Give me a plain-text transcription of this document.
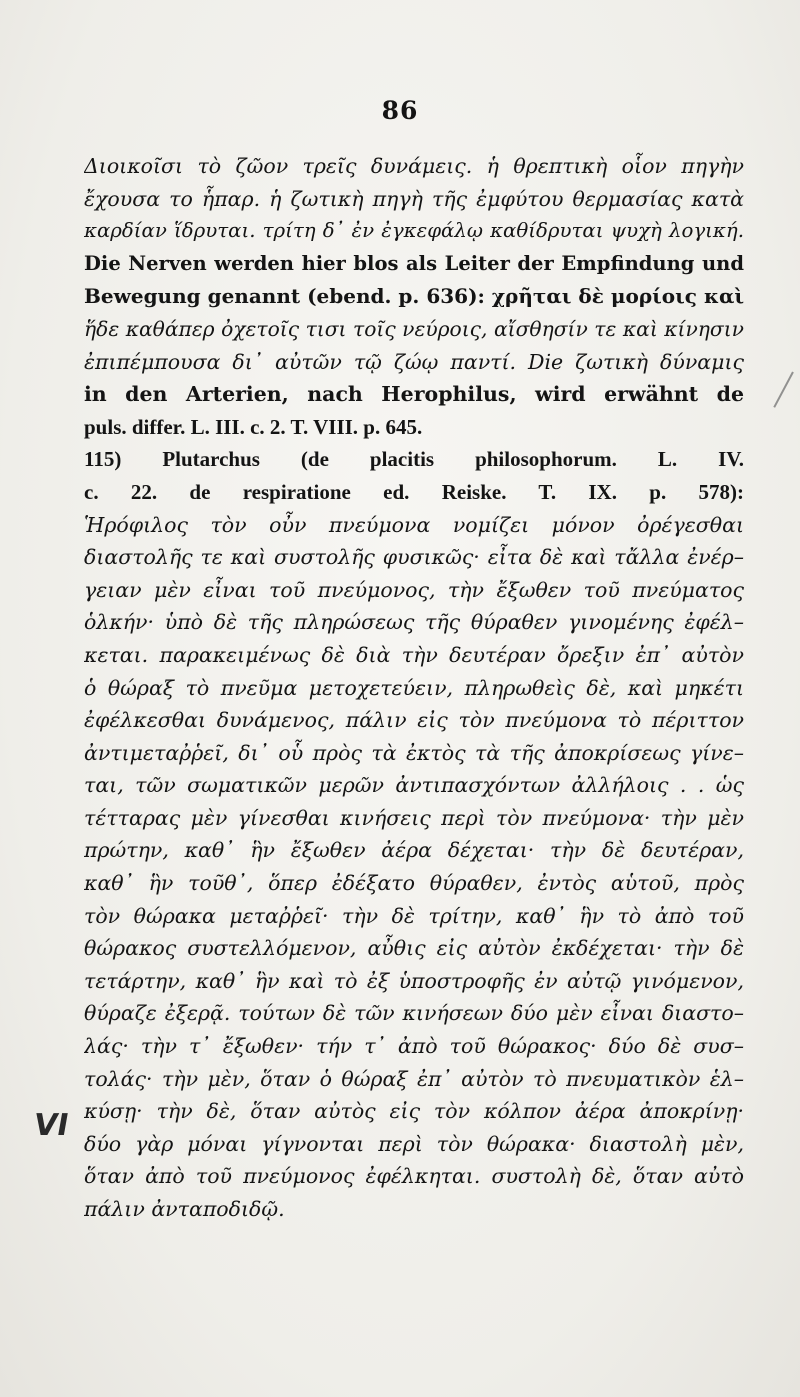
86
Διοικοῖσι τὸ ζῶον τρεῖς δυνάμεις. ἡ θρεπτικὴ οἷον πηγὴν
ἔχουσα το ἧπαρ. ἡ ζωτικὴ πηγὴ τῆς ἐμφύτου θερμασίας κατὰ
καρδίαν ἵδρυται. τρίτη δ᾽ ἐν ἐγκεφάλῳ καθίδρυται ψυχὴ λογική.
Die Nerven werden hier blos als Leiter der Empfindung und
Bewegung genannt (ebend. p. 636): χρῆται δὲ μορίοις καὶ
ἥδε καθάπερ ὀχετοῖς τισι τοῖς νεύροις, αἴσθησίν τε καὶ κίνησιν
ἐπιπέμπουσα δι᾽ αὐτῶν τῷ ζώῳ παντί. Die ζωτικὴ δύναμις
in den Arterien, nach Herophilus, wird erwähnt de
puls. differ. L. III. c. 2. T. VIII. p. 645.
115) Plutarchus (de placitis philosophorum. L. IV.
c. 22. de respiratione ed. Reiske. T. IX. p. 578):
Ἡρόφιλος τὸν οὖν πνεύμονα νομίζει μόνον ὀρέγεσθαι
διαστολῆς τε καὶ συστολῆς φυσικῶς· εἶτα δὲ καὶ τἄλλα ἐνέρ–
γειαν μὲν εἶναι τοῦ πνεύμονος, τὴν ἔξωθεν τοῦ πνεύματος
ὁλκήν· ὑπὸ δὲ τῆς πληρώσεως τῆς θύραθεν γινομένης ἐφέλ–
κεται. παρακειμένως δὲ διὰ τὴν δευτέραν ὄρεξιν ἐπ᾽ αὐτὸν
ὁ θώραξ τὸ πνεῦμα μετοχετεύειν, πληρωθεὶς δὲ, καὶ μηκέτι
ἐφέλκεσθαι δυνάμενος, πάλιν εἰς τὸν πνεύμονα τὸ πέριττον
ἀντιμεταῤῥεῖ, δι᾽ οὗ πρὸς τὰ ἐκτὸς τὰ τῆς ἀποκρίσεως γίνε–
ται, τῶν σωματικῶν μερῶν ἀντιπασχόντων ἀλλήλοις . . ὡς
τέτταρας μὲν γίνεσθαι κινήσεις περὶ τὸν πνεύμονα· τὴν μὲν
πρώτην, καθ᾽ ἣν ἔξωθεν ἀέρα δέχεται· τὴν δὲ δευτέραν,
καθ᾽ ἣν τοῦθ᾽, ὅπερ ἐδέξατο θύραθεν, ἐντὸς αὑτοῦ, πρὸς
τὸν θώρακα μεταῤῥεῖ· τὴν δὲ τρίτην, καθ᾽ ἣν τὸ ἀπὸ τοῦ
θώρακος συστελλόμενον, αὖθις εἰς αὐτὸν ἐκδέχεται· τὴν δὲ
τετάρτην, καθ᾽ ἣν καὶ τὸ ἐξ ὑποστροφῆς ἐν αὐτῷ γινόμενον,
θύραζε ἐξερᾷ. τούτων δὲ τῶν κινήσεων δύο μὲν εἶναι διαστο–
λάς· τὴν τ᾽ ἔξωθεν· τήν τ᾽ ἀπὸ τοῦ θώρακος· δύο δὲ συσ–
τολάς· τὴν μὲν, ὅταν ὁ θώραξ ἐπ᾽ αὐτὸν τὸ πνευματικὸν ἑλ–
κύσῃ· τὴν δὲ, ὅταν αὐτὸς εἰς τὸν κόλπον ἀέρα ἀποκρίνῃ·
δύο γὰρ μόναι γίγνονται περὶ τὸν θώρακα· διαστολὴ μὲν,
ὅταν ἀπὸ τοῦ πνεύμονος ἐφέλκηται. συστολὴ δὲ, ὅταν αὐτὸ
πάλιν ἀνταποδιδῷ.
VI
